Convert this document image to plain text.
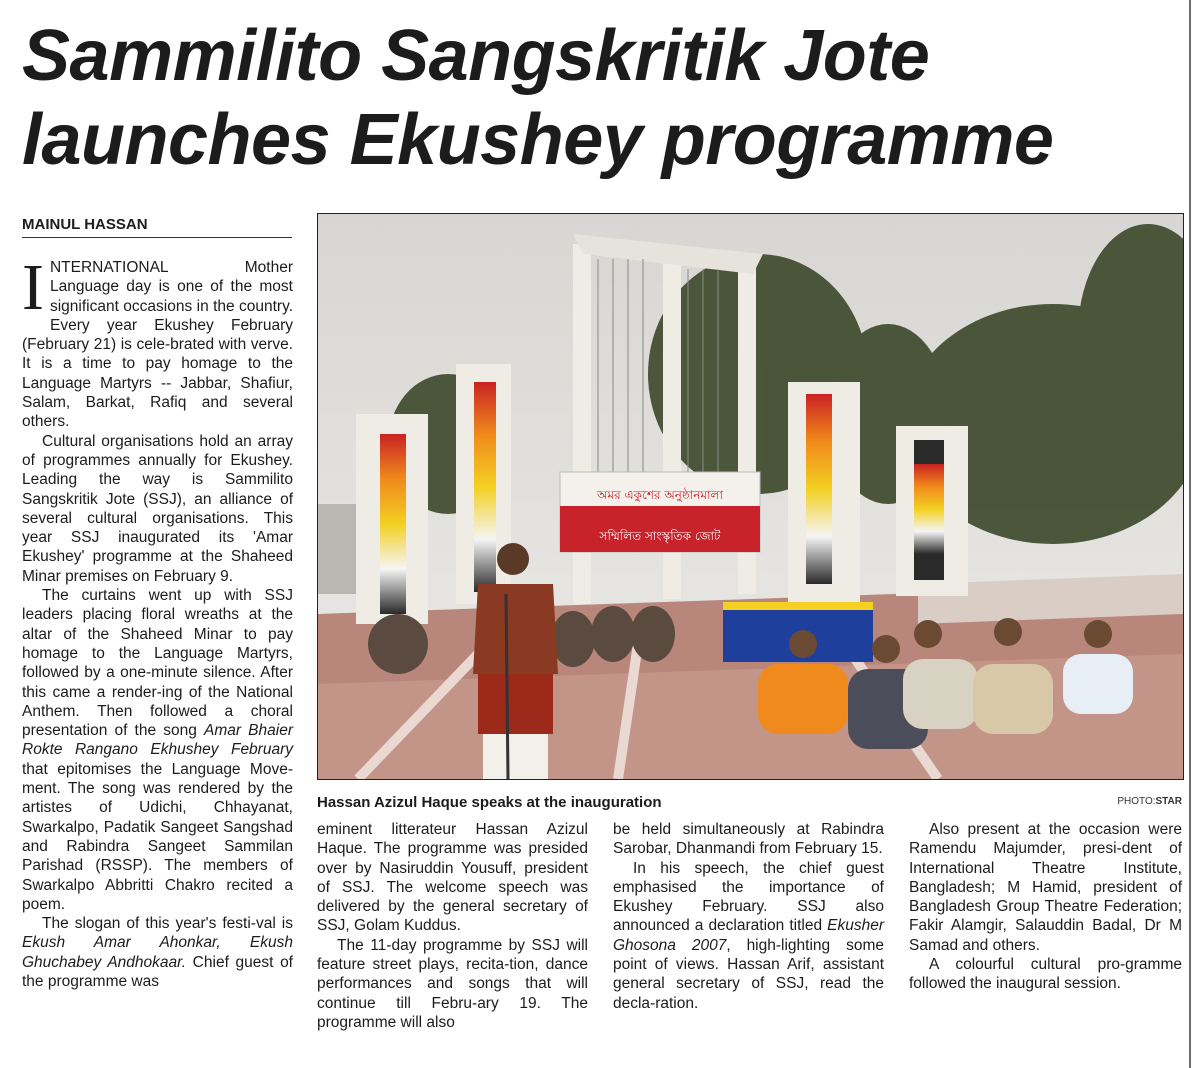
Sammilito Sangskritik Jote launches Ekushey programme
MAINUL HASSAN

INTERNATIONAL Mother Language day is one of the most significant occasions in the country. Every year Ekushey February (February 21) is cele-brated with verve. It is a time to pay homage to the Language Martyrs -- Jabbar, Shafiur, Salam, Barkat, Rafiq and several others.

Cultural organisations hold an array of programmes annually for Ekushey. Leading the way is Sammilito Sangskritik Jote (SSJ), an alliance of several cultural organisations. This year SSJ inaugurated its 'Amar Ekushey' programme at the Shaheed Minar premises on February 9.

The curtains went up with SSJ leaders placing floral wreaths at the altar of the Shaheed Minar to pay homage to the Language Martyrs, followed by a one-minute silence. After this came a render-ing of the National Anthem. Then followed a choral presentation of the song Amar Bhaier Rokte Rangano Ekhushey February that epitomises the Language Move-ment. The song was rendered by the artistes of Udichi, Chhayanat, Swarkalpo, Padatik Sangeet Sangshad and Rabindra Sangeet Sammilan Parishad (RSSP). The members of Swarkalpo Abbritti Chakro recited a poem.

The slogan of this year's festi-val is Ekush Amar Ahonkar, Ekush Ghuchabey Andhokaar. Chief guest of the programme was

অমর একুশের অনুষ্ঠানমালা
সম্মিলিত সাংস্কৃতিক জোট
Hassan Azizul Haque speaks at the inauguration	PHOTO:STAR

eminent litterateur Hassan Azizul Haque. The programme was presided over by Nasiruddin Yousuff, president of SSJ. The welcome speech was delivered by the general secretary of SSJ, Golam Kuddus.

The 11-day programme by SSJ will feature street plays, recita-tion, dance performances and songs that will continue till Febru-ary 19. The programme will also

be held simultaneously at Rabindra Sarobar, Dhanmandi from February 15.

In his speech, the chief guest emphasised the importance of Ekushey February. SSJ also announced a declaration titled Ekusher Ghosona 2007, high-lighting some point of views. Hassan Arif, assistant general secretary of SSJ, read the decla-ration.

Also present at the occasion were Ramendu Majumder, presi-dent of International Theatre Institute, Bangladesh; M Hamid, president of Bangladesh Group Theatre Federation; Fakir Alamgir, Salauddin Badal, Dr M Samad and others.

A colourful cultural pro-gramme followed the inaugural session.
